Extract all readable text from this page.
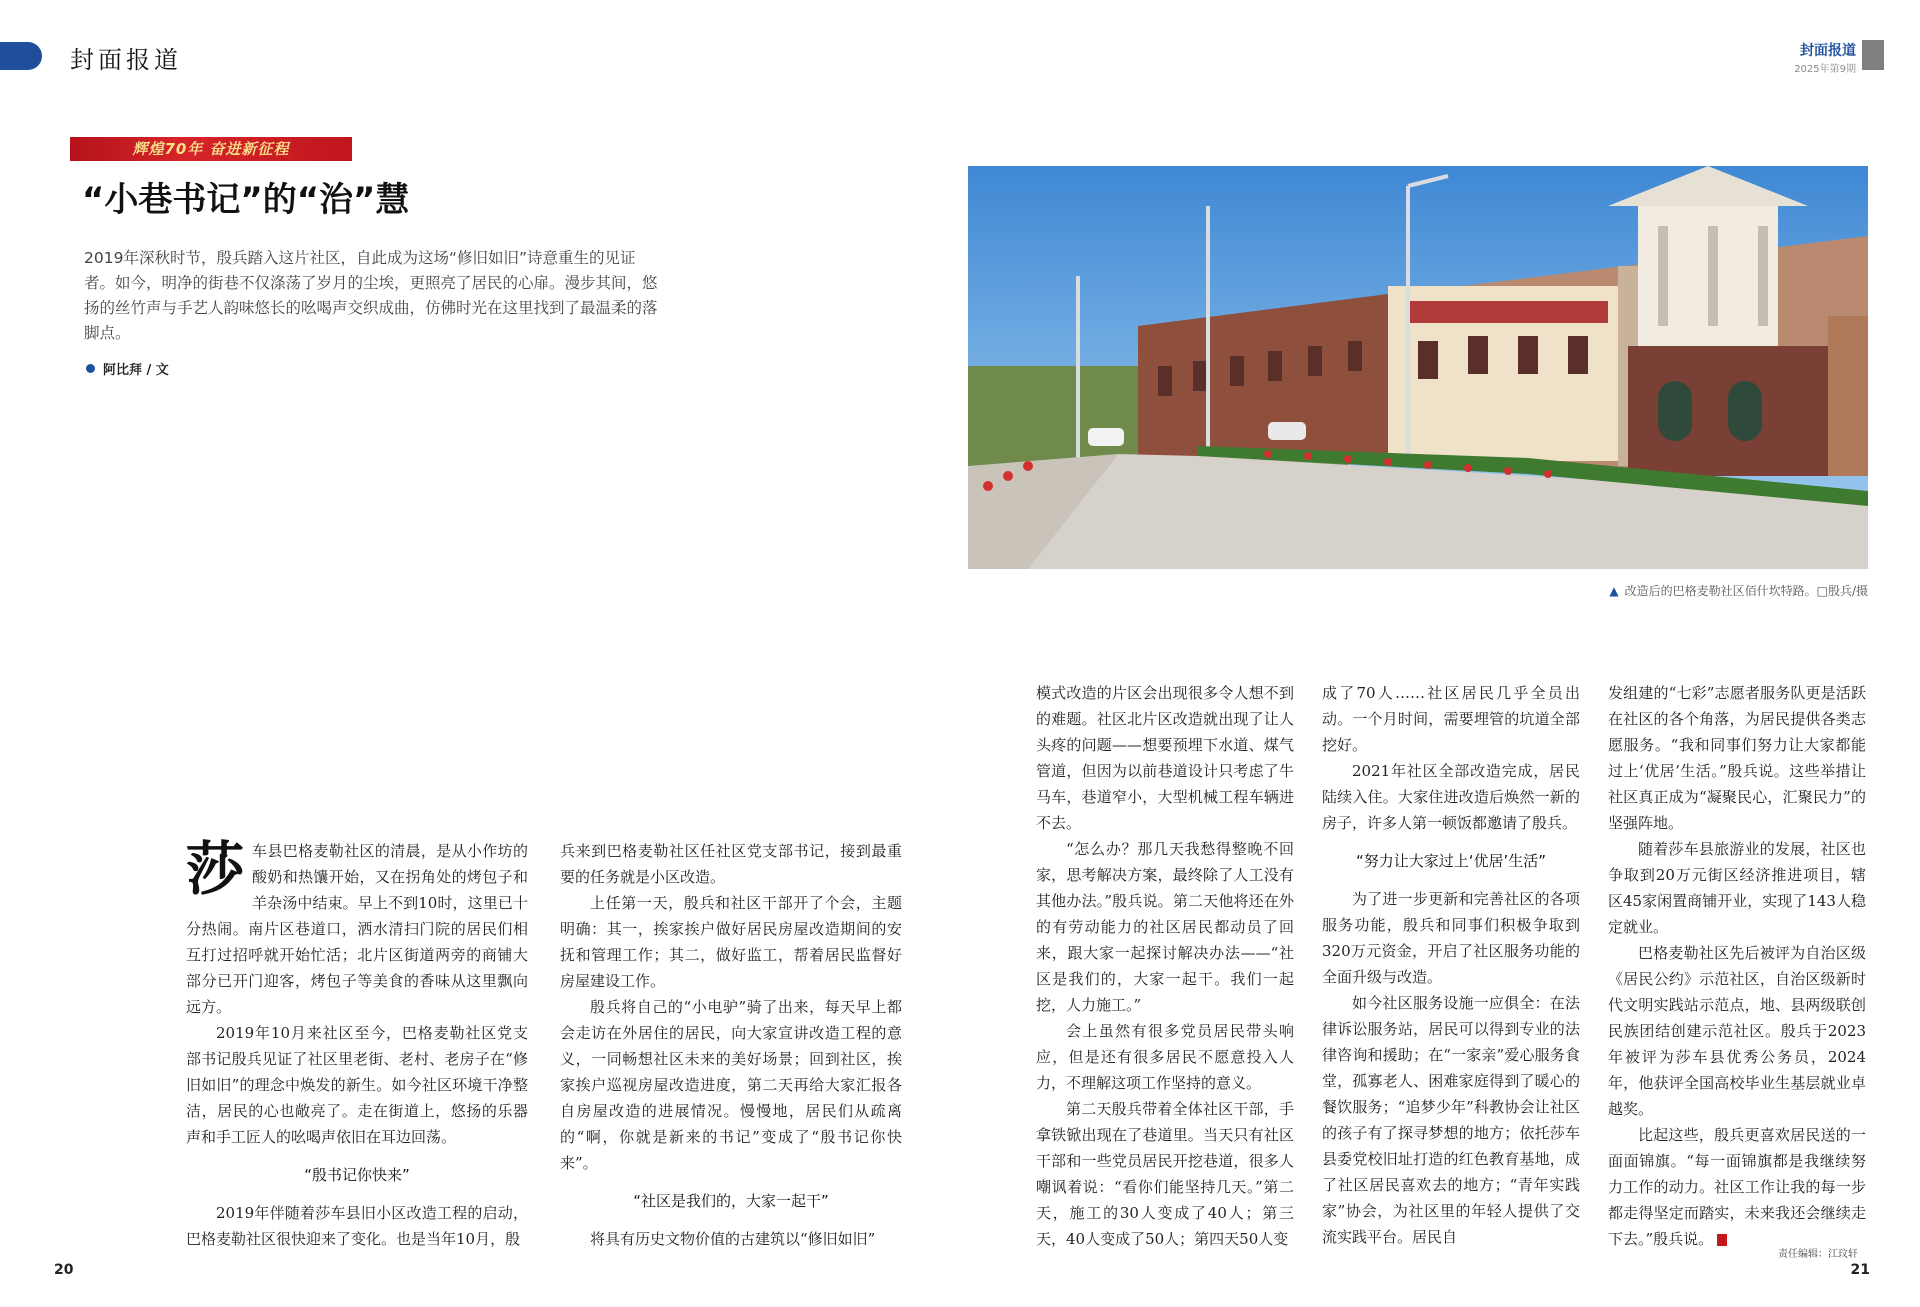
封面报道	封面报道
2025年第9期
辉煌70年 奋进新征程
“小巷书记”的“治”慧
2019年深秋时节，殷兵踏入这片社区，自此成为这场“修旧如旧”诗意重生的见证者。如今，明净的街巷不仅涤荡了岁月的尘埃，更照亮了居民的心扉。漫步其间，悠扬的丝竹声与手艺人韵味悠长的吆喝声交织成曲，仿佛时光在这里找到了最温柔的落脚点。
阿比拜 / 文
▲ 改造后的巴格麦勒社区佰什坎特路。□殷兵/摄
莎 车县巴格麦勒社区的清晨，是从小作坊的酸奶和热馕开始，又在拐角处的烤包子和羊杂汤中结束。早上不到10时，这里已十分热闹。南片区巷道口，洒水清扫门院的居民们相互打过招呼就开始忙活；北片区街道两旁的商铺大部分已开门迎客，烤包子等美食的香味从这里飘向远方。

2019年10月来社区至今，巴格麦勒社区党支部书记殷兵见证了社区里老街、老村、老房子在“修旧如旧”的理念中焕发的新生。如今社区环境干净整洁，居民的心也敞亮了。走在街道上，悠扬的乐器声和手工匠人的吆喝声依旧在耳边回荡。

“殷书记你快来”

2019年伴随着莎车县旧小区改造工程的启动，巴格麦勒社区很快迎来了变化。也是当年10月，殷

兵来到巴格麦勒社区任社区党支部书记，接到最重要的任务就是小区改造。

上任第一天，殷兵和社区干部开了个会，主题明确：其一，挨家挨户做好居民房屋改造期间的安抚和管理工作；其二，做好监工，帮着居民监督好房屋建设工作。

殷兵将自己的“小电驴”骑了出来，每天早上都会走访在外居住的居民，向大家宣讲改造工程的意义，一同畅想社区未来的美好场景；回到社区，挨家挨户巡视房屋改造进度，第二天再给大家汇报各自房屋改造的进展情况。慢慢地，居民们从疏离的“啊，你就是新来的书记”变成了“殷书记你快来”。

“社区是我们的，大家一起干”

将具有历史文物价值的古建筑以“修旧如旧”

模式改造的片区会出现很多令人想不到的难题。社区北片区改造就出现了让人头疼的问题——想要预埋下水道、煤气管道，但因为以前巷道设计只考虑了牛马车，巷道窄小，大型机械工程车辆进不去。

“怎么办？那几天我愁得整晚不回家，思考解决方案，最终除了人工没有其他办法。”殷兵说。第二天他将还在外的有劳动能力的社区居民都动员了回来，跟大家一起探讨解决办法——“社区是我们的，大家一起干。我们一起挖，人力施工。”

会上虽然有很多党员居民带头响应，但是还有很多居民不愿意投入人力，不理解这项工作坚持的意义。

第二天殷兵带着全体社区干部，手拿铁锨出现在了巷道里。当天只有社区干部和一些党员居民开挖巷道，很多人嘲讽着说：“看你们能坚持几天。”第二天，施工的30人变成了40人；第三天，40人变成了50人；第四天50人变

成了70人……社区居民几乎全员出动。一个月时间，需要埋管的坑道全部挖好。

2021年社区全部改造完成，居民陆续入住。大家住进改造后焕然一新的房子，许多人第一顿饭都邀请了殷兵。

“努力让大家过上‘优居’生活”

为了进一步更新和完善社区的各项服务功能，殷兵和同事们积极争取到320万元资金，开启了社区服务功能的全面升级与改造。

如今社区服务设施一应俱全：在法律诉讼服务站，居民可以得到专业的法律咨询和援助；在“一家亲”爱心服务食堂，孤寡老人、困难家庭得到了暖心的餐饮服务；“追梦少年”科教协会让社区的孩子有了探寻梦想的地方；依托莎车县委党校旧址打造的红色教育基地，成了社区居民喜欢去的地方；“青年实践家”协会，为社区里的年轻人提供了交流实践平台。居民自

发组建的“七彩”志愿者服务队更是活跃在社区的各个角落，为居民提供各类志愿服务。“我和同事们努力让大家都能过上‘优居’生活。”殷兵说。这些举措让社区真正成为“凝聚民心，汇聚民力”的坚强阵地。

随着莎车县旅游业的发展，社区也争取到20万元街区经济推进项目，辖区45家闲置商铺开业，实现了143人稳定就业。

巴格麦勒社区先后被评为自治区级《居民公约》示范社区，自治区级新时代文明实践站示范点，地、县两级联创民族团结创建示范社区。殷兵于2023年被评为莎车县优秀公务员，2024年，他获评全国高校毕业生基层就业卓越奖。

比起这些，殷兵更喜欢居民送的一面面锦旗。“每一面锦旗都是我继续努力工作的动力。社区工作让我的每一步都走得坚定而踏实，未来我还会继续走下去。”殷兵说。

20
责任编辑：江玟轩
21
